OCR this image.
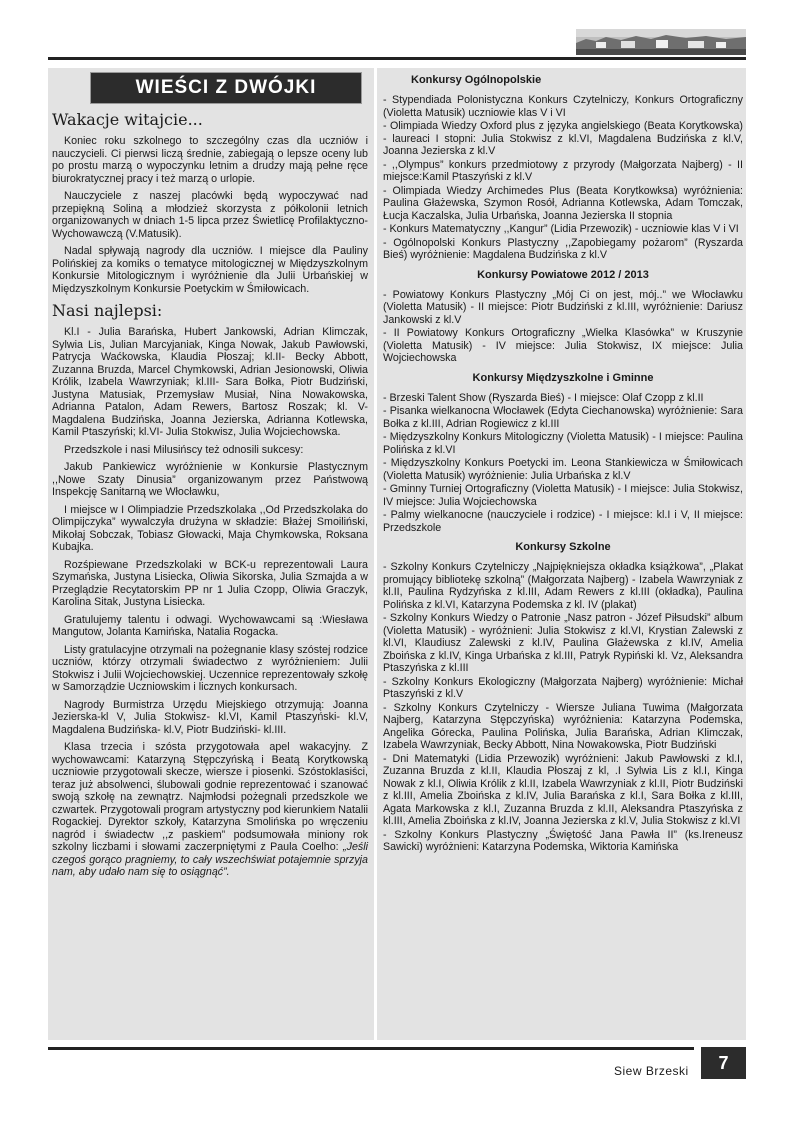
WIEŚCI Z DWÓJKI
Wakacje witajcie...

Koniec roku szkolnego to szczególny czas dla uczniów i nauczycieli. Ci pierwsi liczą średnie, zabiegają o lepsze oceny lub po prostu marzą o wypoczynku letnim a drudzy mają pełne ręce biurokratycznej pracy i też marzą o urlopie.

Nauczyciele z naszej placówki będą wypoczywać nad przepiękną Soliną a młodzież skorzysta z półkolonii letnich organizowanych w dniach 1-5 lipca przez Świetlicę Profilaktyczno- Wychowawczą (V.Matusik).

Nadal spływają nagrody dla uczniów. I miejsce dla Pauliny Polińskiej za komiks o tematyce mitologicznej w Międzyszkolnym Konkursie Mitologicznym i wyróżnienie dla Julii Urbańskiej w Międzyszkolnym Konkursie Poetyckim w Śmiłowicach.

Nasi najlepsi:

Kl.I - Julia Barańska, Hubert Jankowski, Adrian Klimczak, Sylwia Lis, Julian Marcyjaniak, Kinga Nowak, Jakub Pawłowski, Patrycja Waćkowska, Klaudia Płoszaj; kl.II- Becky Abbott, Zuzanna Bruzda, Marcel Chymkowski, Adrian Jesionowski, Oliwia Królik, Izabela Wawrzyniak; kl.III- Sara Bołka, Piotr Budziński, Justyna Matusiak, Przemysław Musiał, Nina Nowakowska, Adrianna Patalon, Adam Rewers, Bartosz Roszak; kl. V- Magdalena Budzińska, Joanna Jezierska, Adrianna Kotlewska, Kamil Ptaszyński; kl.VI- Julia Stokwisz, Julia Wojciechowska.

Przedszkole i nasi Milusińscy też odnosili sukcesy:

Jakub Pankiewicz wyróżnienie w Konkursie Plastycznym ,,Nowe Szaty Dinusia” organizowanym przez Państwową Inspekcję Sanitarną we Włocławku,

I miejsce w I Olimpiadzie Przedszkolaka ,,Od Przedszkolaka do Olimpijczyka” wywalczyła drużyna w składzie: Błażej Smoiliński, Mikołaj Sobczak, Tobiasz Głowacki, Maja Chymkowska, Roksana Kubajka.

Rozśpiewane Przedszkolaki w BCK-u reprezentowali Laura Szymańska, Justyna Lisiecka, Oliwia Sikorska, Julia Szmajda a w Przeglądzie Recytatorskim PP nr 1 Julia Czopp, Oliwia Graczyk, Karolina Sitak, Justyna Lisiecka.

Gratulujemy talentu i odwagi. Wychowawcami są :Wiesława Mangutow, Jolanta Kamińska, Natalia Rogacka.

Listy gratulacyjne otrzymali na pożegnanie klasy szóstej rodzice uczniów, którzy otrzymali świadectwo z wyróżnieniem: Julii Stokwisz i Julii Wojciechowskiej. Uczennice reprezentowały szkołę w Samorządzie Uczniowskim i licznych konkursach.

Nagrody Burmistrza Urzędu Miejskiego otrzymują: Joanna Jezierska-kl V, Julia Stokwisz- kl.VI, Kamil Ptaszyński- kl.V, Magdalena Budzińska- kl.V, Piotr Budziński- kl.III.

Klasa trzecia i szósta przygotowała apel wakacyjny. Z wychowawcami: Katarzyną Stępczyńską i Beatą Korytkowską uczniowie przygotowali skecze, wiersze i piosenki. Szóstoklasiści, teraz już absolwenci, ślubowali godnie reprezentować i szanować swoją szkołę na zewnątrz. Najmłodsi pożegnali przedszkole we czwartek. Przygotowali program artystyczny pod kierunkiem Natalii Rogackiej. Dyrektor szkoły, Katarzyna Smolińska po wręczeniu nagród i świadectw ,,z paskiem” podsumowała miniony rok szkolny liczbami i słowami zaczerpniętymi z Paula Coelho: „Jeśli czegoś gorąco pragniemy, to cały wszechświat potajemnie sprzyja nam, aby udało nam się to osiągnąć”.

Konkursy Ogólnopolskie
- Stypendiada Polonistyczna Konkurs Czytelniczy, Konkurs Ortograficzny (Violetta Matusik) uczniowie klas V i VI
- Olimpiada Wiedzy Oxford plus z języka angielskiego (Beata Korytkowska) - laureaci I stopni: Julia Stokwisz z kl.VI, Magdalena Budzińska z kl.V, Joanna Jezierska z kl.V
- ,,Olympus” konkurs przedmiotowy z przyrody (Małgorzata Najberg) - II miejsce:Kamil Ptaszyński z kl.V
- Olimpiada Wiedzy Archimedes Plus (Beata Korytkowksa) wyróżnienia: Paulina Głażewska, Szymon Rosół, Adrianna Kotlewska, Adam Tomczak, Łucja Kaczalska, Julia Urbańska, Joanna Jezierska II stopnia
- Konkurs Matematyczny ,,Kangur” (Lidia Przewozik) - uczniowie klas V i VI
- Ogólnopolski Konkurs Plastyczny ,,Zapobiegamy pożarom” (Ryszarda Bieś) wyróżnienie: Magdalena Budzińska z kl.V
Konkursy Powiatowe 2012 / 2013
- Powiatowy Konkurs Plastyczny „Mój Ci on jest, mój..” we Włocławku (Violetta Matusik) - II miejsce: Piotr Budziński z kl.III, wyróżnienie: Dariusz Jankowski z kl.V
- II Powiatowy Konkurs Ortograficzny „Wielka Klasówka” w Kruszynie (Violetta Matusik) - IV miejsce: Julia Stokwisz, IX miejsce: Julia Wojciechowska
Konkursy Międzyszkolne i Gminne
- Brzeski Talent Show (Ryszarda Bieś) - I miejsce: Olaf Czopp z kl.II
- Pisanka wielkanocna Włocławek (Edyta Ciechanowska) wyróżnienie: Sara Bołka z kl.III, Adrian Rogiewicz z kl.III
- Międzyszkolny Konkurs Mitologiczny (Violetta Matusik) - I miejsce: Paulina Polińska z kl.VI
- Międzyszkolny Konkurs Poetycki im. Leona Stankiewicza w Śmiłowicach (Violetta Matusik) wyróżnienie: Julia Urbańska z kl.V
- Gminny Turniej Ortograficzny (Violetta Matusik) - I miejsce: Julia Stokwisz, IV miejsce: Julia Wojciechowska
- Palmy wielkanocne (nauczyciele i rodzice) - I miejsce: kl.I i V, II miejsce: Przedszkole
Konkursy Szkolne
- Szkolny Konkurs Czytelniczy „Najpiękniejsza okładka książkowa”, „Plakat promujący bibliotekę szkolną” (Małgorzata Najberg) - Izabela Wawrzyniak z kl.II, Paulina Rydzyńska z kl.III, Adam Rewers z kl.III (okładka), Paulina Polińska z kl.VI, Katarzyna Podemska z kl. IV (plakat)
- Szkolny Konkurs Wiedzy o Patronie „Nasz patron - Józef Piłsudski” album (Violetta Matusik) - wyróżnieni: Julia Stokwisz z kl.VI, Krystian Zalewski z kl.VI, Klaudiusz Zalewski z kl.IV, Paulina Głażewska z kl.IV, Amelia Zboińska z kl.IV, Kinga Urbańska z kl.III, Patryk Rypiński kl. Vz, Aleksandra Ptaszyńska z kl.III
- Szkolny Konkurs Ekologiczny (Małgorzata Najberg) wyróżnienie: Michał Ptaszyński z kl.V
- Szkolny Konkurs Czytelniczy - Wiersze Juliana Tuwima (Małgorzata Najberg, Katarzyna Stępczyńska) wyróżnienia: Katarzyna Podemska, Angelika Górecka, Paulina Polińska, Julia Barańska, Adrian Klimczak, Izabela Wawrzyniak, Becky Abbott, Nina Nowakowska, Piotr Budziński
- Dni Matematyki (Lidia Przewozik) wyróżnieni: Jakub Pawłowski z kl.I, Zuzanna Bruzda z kl.II, Klaudia Płoszaj z kl, .I Sylwia Lis z kl.I, Kinga Nowak z kl.I, Oliwia Królik z kl.II, Izabela Wawrzyniak z kl.II, Piotr Budziński z kl.III, Amelia Zboińska z kl.IV, Julia Barańska z kl.I, Sara Bołka z kl.III, Agata Markowska z kl.I, Zuzanna Bruzda z kl.II, Aleksandra Ptaszyńska z kl.III, Amelia Zboińska z kl.IV, Joanna Jezierska z kl.V, Julia Stokwisz z kl.VI
- Szkolny Konkurs Plastyczny „Świętość Jana Pawła II” (ks.Ireneusz Sawicki) wyróżnieni: Katarzyna Podemska, Wiktoria Kamińska
Siew Brzeski	7
